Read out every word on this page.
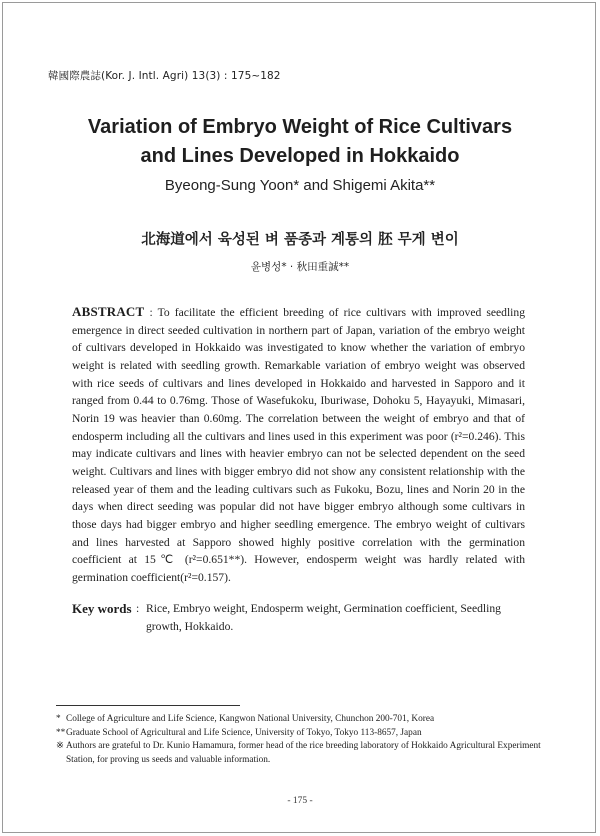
韓國際農誌(Kor. J. Intl. Agri) 13(3) : 175~182
Variation of Embryo Weight of Rice Cultivars
and Lines Developed in Hokkaido
Byeong-Sung Yoon* and Shigemi Akita**
北海道에서 육성된 벼 품종과 계통의 胚 무게 변이
윤병성* · 秋田重誠**
ABSTRACT : To facilitate the efficient breeding of rice cultivars with improved seedling emergence in direct seeded cultivation in northern part of Japan, variation of the embryo weight of cultivars developed in Hokkaido was investigated to know whether the variation of embryo weight is related with seedling growth. Remarkable variation of embryo weight was observed with rice seeds of cultivars and lines developed in Hokkaido and harvested in Sapporo and it ranged from 0.44 to 0.76mg. Those of Wasefukoku, Iburiwase, Dohoku 5, Hayayuki, Mimasari, Norin 19 was heavier than 0.60mg. The correlation between the weight of embryo and that of endosperm including all the cultivars and lines used in this experiment was poor (r²=0.246). This may indicate cultivars and lines with heavier embryo can not be selected dependent on the seed weight. Cultivars and lines with bigger embryo did not show any consistent relationship with the released year of them and the leading cultivars such as Fukoku, Bozu, lines and Norin 20 in the days when direct seeding was popular did not have bigger embryo although some cultivars in those days had bigger embryo and higher seedling emergence. The embryo weight of cultivars and lines harvested at Sapporo showed highly positive correlation with the germination coefficient at 15℃ (r²=0.651**). However, endosperm weight was hardly related with germination coefficient(r²=0.157).
Key words : Rice, Embryo weight, Endosperm weight, Germination coefficient, Seedling growth, Hokkaido.
* College of Agriculture and Life Science, Kangwon National University, Chunchon 200-701, Korea
** Graduate School of Agricultural and Life Science, University of Tokyo, Tokyo 113-8657, Japan
※ Authors are grateful to Dr. Kunio Hamamura, former head of the rice breeding laboratory of Hokkaido Agricultural Experiment Station, for proving us seeds and valuable information.
- 175 -
